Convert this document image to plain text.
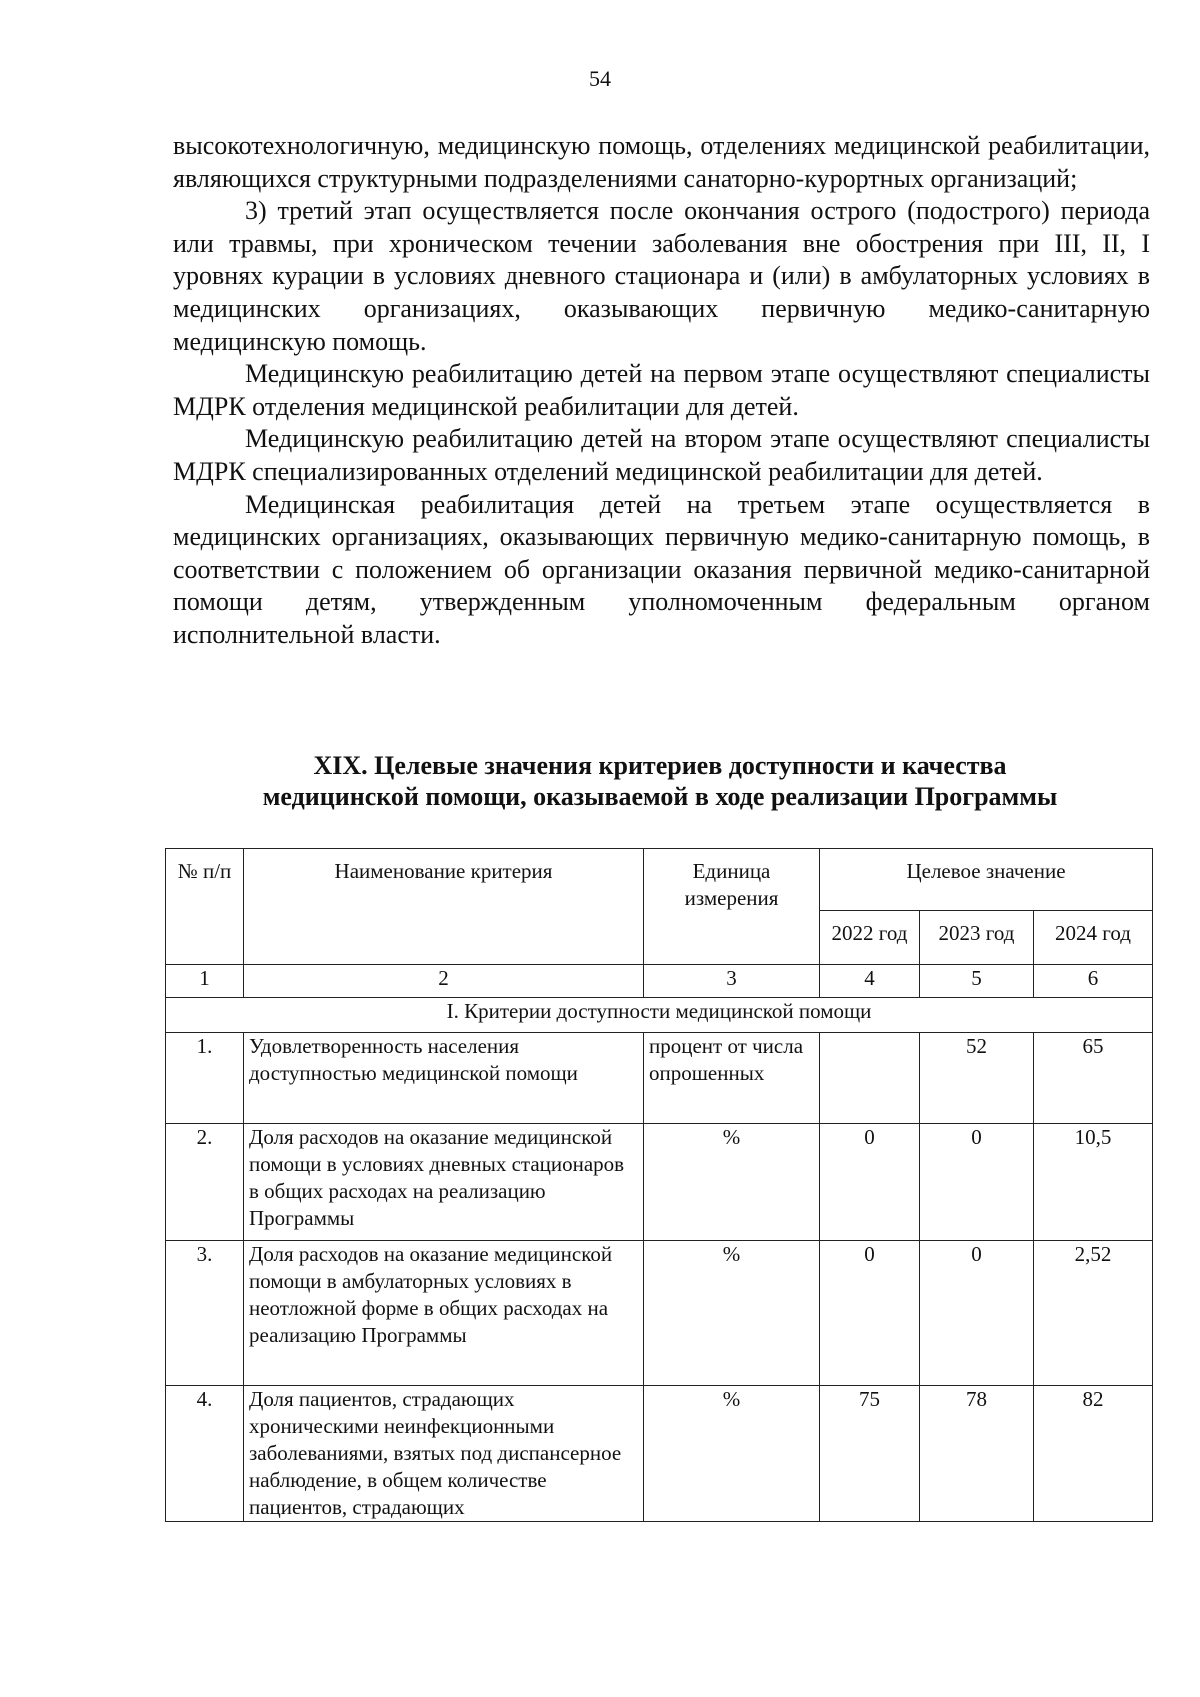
54

высокотехнологичную, медицинскую помощь, отделениях медицинской реабилитации, являющихся структурными подразделениями санаторно-курортных организаций;

3) третий этап осуществляется после окончания острого (подострого) периода или травмы, при хроническом течении заболевания вне обострения при III, II, I уровнях курации в условиях дневного стационара и (или) в амбулаторных условиях в медицинских организациях, оказывающих первичную медико-санитарную медицинскую помощь.

Медицинскую реабилитацию детей на первом этапе осуществляют специалисты МДРК отделения медицинской реабилитации для детей.

Медицинскую реабилитацию детей на втором этапе осуществляют специалисты МДРК специализированных отделений медицинской реабилитации для детей.

Медицинская реабилитация детей на третьем этапе осуществляется в медицинских организациях, оказывающих первичную медико-санитарную помощь, в соответствии с положением об организации оказания первичной медико-санитарной помощи детям, утвержденным уполномоченным федеральным органом исполнительной власти.

XIX. Целевые значения критериев доступности и качества
медицинской помощи, оказываемой в ходе реализации Программы
№ п/п	Наименование критерия	Единица измерения	Целевое значение		
			2022 год	2023 год	2024 год
1	2	3	4	5	6
I. Критерии доступности медицинской помощи					
1.	Удовлетворенность населения доступностью медицинской помощи	процент от числа опрошенных		52	65
2.	Доля расходов на оказание медицинской помощи в условиях дневных стационаров в общих расходах на реализацию Программы	%	0	0	10,5
3.	Доля расходов на оказание медицинской помощи в амбулаторных условиях в неотложной форме в общих расходах на реализацию Программы	%	0	0	2,52
4.	Доля пациентов, страдающих хроническими неинфекционными заболеваниями, взятых под диспансерное наблюдение, в общем количестве пациентов, страдающих	%	75	78	82
